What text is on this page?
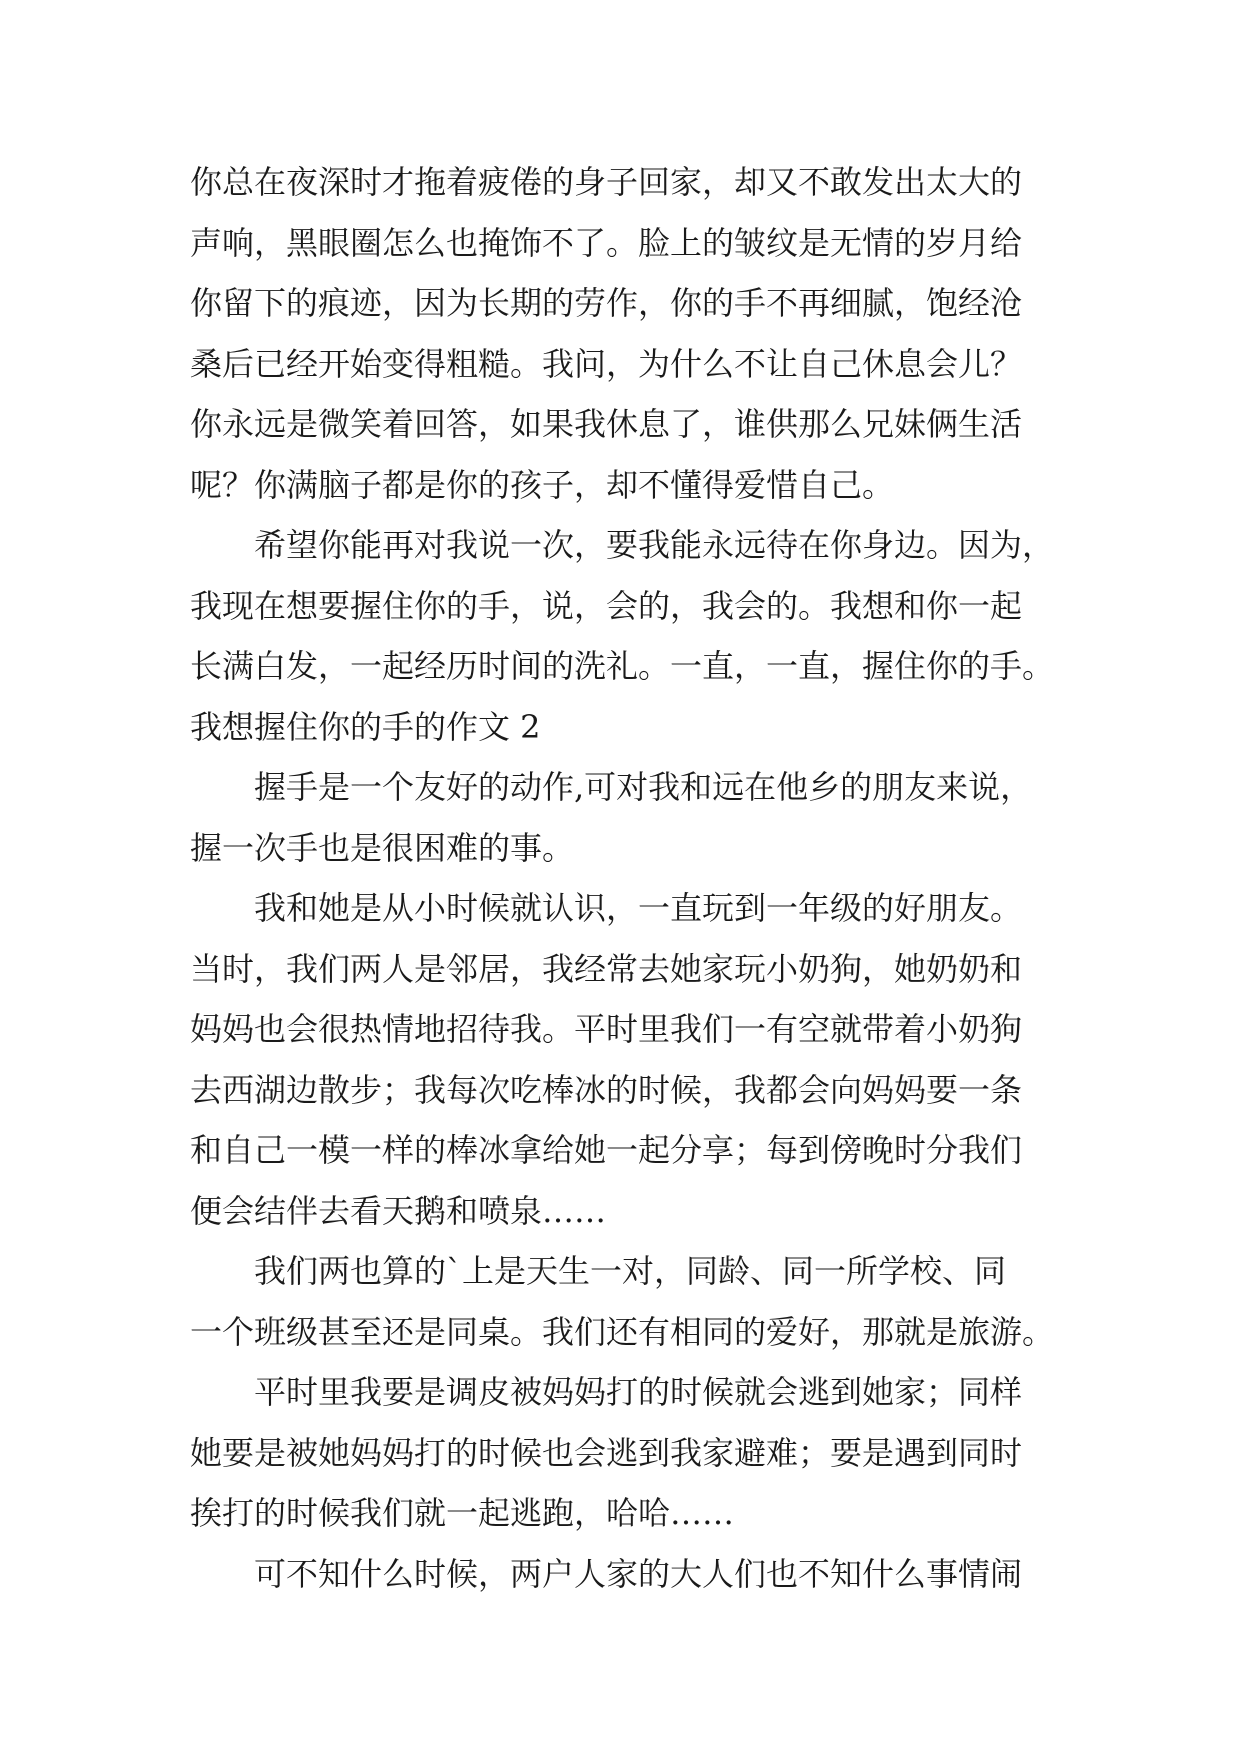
你总在夜深时才拖着疲倦的身子回家，却又不敢发出太大的
声响，黑眼圈怎么也掩饰不了。脸上的皱纹是无情的岁月给
你留下的痕迹，因为长期的劳作，你的手不再细腻，饱经沧
桑后已经开始变得粗糙。我问，为什么不让自己休息会儿？
你永远是微笑着回答，如果我休息了，谁供那么兄妹俩生活
呢？你满脑子都是你的孩子，却不懂得爱惜自己。
希望你能再对我说一次，要我能永远待在你身边。因为，
我现在想要握住你的手，说，会的，我会的。我想和你一起
长满白发，一起经历时间的洗礼。一直，一直，握住你的手。
我想握住你的手的作文 2
握手是一个友好的动作,可对我和远在他乡的朋友来说，
握一次手也是很困难的事。
我和她是从小时候就认识，一直玩到一年级的好朋友。
当时，我们两人是邻居，我经常去她家玩小奶狗，她奶奶和
妈妈也会很热情地招待我。平时里我们一有空就带着小奶狗
去西湖边散步；我每次吃棒冰的时候，我都会向妈妈要一条
和自己一模一样的棒冰拿给她一起分享；每到傍晚时分我们
便会结伴去看天鹅和喷泉……
我们两也算的`上是天生一对，同龄、同一所学校、同
一个班级甚至还是同桌。我们还有相同的爱好，那就是旅游。
平时里我要是调皮被妈妈打的时候就会逃到她家；同样
她要是被她妈妈打的时候也会逃到我家避难；要是遇到同时
挨打的时候我们就一起逃跑，哈哈……
可不知什么时候，两户人家的大人们也不知什么事情闹
